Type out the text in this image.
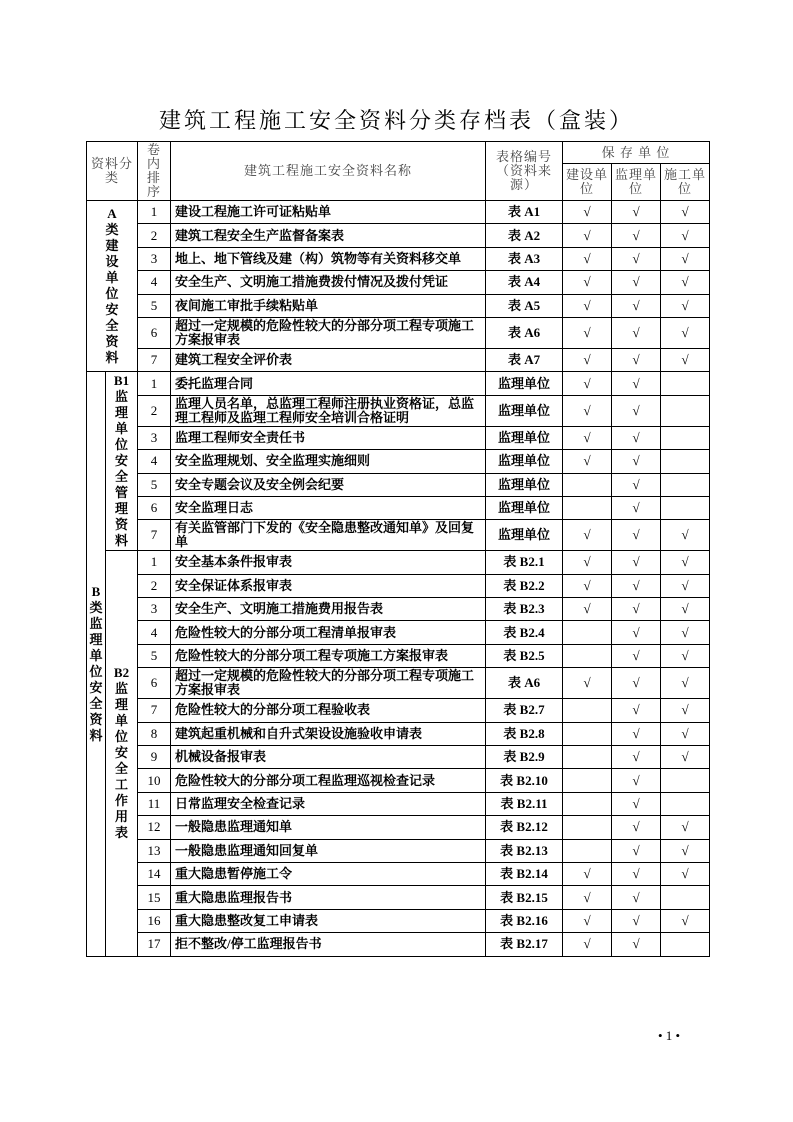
建筑工程施工安全资料分类存档表（盒装）
资料分类		卷内排序	建筑工程施工安全资料名称	表格编号（资料来源）	保 存 单 位		
					建设单位	监理单位	施工单位

A类建设单位安全资料		1	建设工程施工许可证粘贴单	表 A1	√	√	√
		2	建筑工程安全生产监督备案表	表 A2	√	√	√
		3	地上、地下管线及建（构）筑物等有关资料移交单	表 A3	√	√	√
		4	安全生产、文明施工措施费拨付情况及拨付凭证	表 A4	√	√	√
		5	夜间施工审批手续粘贴单	表 A5	√	√	√
		6	超过一定规模的危险性较大的分部分项工程专项施工方案报审表	表 A6	√	√	√
		7	建筑工程安全评价表	表 A7	√	√	√

B类监理单位安全资料	B1监理单位安全管理资料	1	委托监理合同	监理单位	√	√	
		2	监理人员名单，总监理工程师注册执业资格证，总监理工程师及监理工程师安全培训合格证明	监理单位	√	√	
		3	监理工程师安全责任书	监理单位	√	√	
		4	安全监理规划、安全监理实施细则	监理单位	√	√	
		5	安全专题会议及安全例会纪要	监理单位		√	
		6	安全监理日志	监理单位		√	
		7	有关监管部门下发的《安全隐患整改通知单》及回复单	监理单位	√	√	√

	B2监理单位安全工作用表	1	安全基本条件报审表	表 B2.1	√	√	√
		2	安全保证体系报审表	表 B2.2	√	√	√
		3	安全生产、文明施工措施费用报告表	表 B2.3	√	√	√
		4	危险性较大的分部分项工程清单报审表	表 B2.4		√	√
		5	危险性较大的分部分项工程专项施工方案报审表	表 B2.5		√	√
		6	超过一定规模的危险性较大的分部分项工程专项施工方案报审表	表 A6	√	√	√
		7	危险性较大的分部分项工程验收表	表 B2.7		√	√
		8	建筑起重机械和自升式架设设施验收申请表	表 B2.8		√	√
		9	机械设备报审表	表 B2.9		√	√
		10	危险性较大的分部分项工程监理巡视检查记录	表 B2.10		√	
		11	日常监理安全检查记录	表 B2.11		√	
		12	一般隐患监理通知单	表 B2.12		√	√
		13	一般隐患监理通知回复单	表 B2.13		√	√
		14	重大隐患暂停施工令	表 B2.14	√	√	√
		15	重大隐患监理报告书	表 B2.15	√	√	
		16	重大隐患整改复工申请表	表 B2.16	√	√	√
		17	拒不整改/停工监理报告书	表 B2.17	√	√	
• 1 •
